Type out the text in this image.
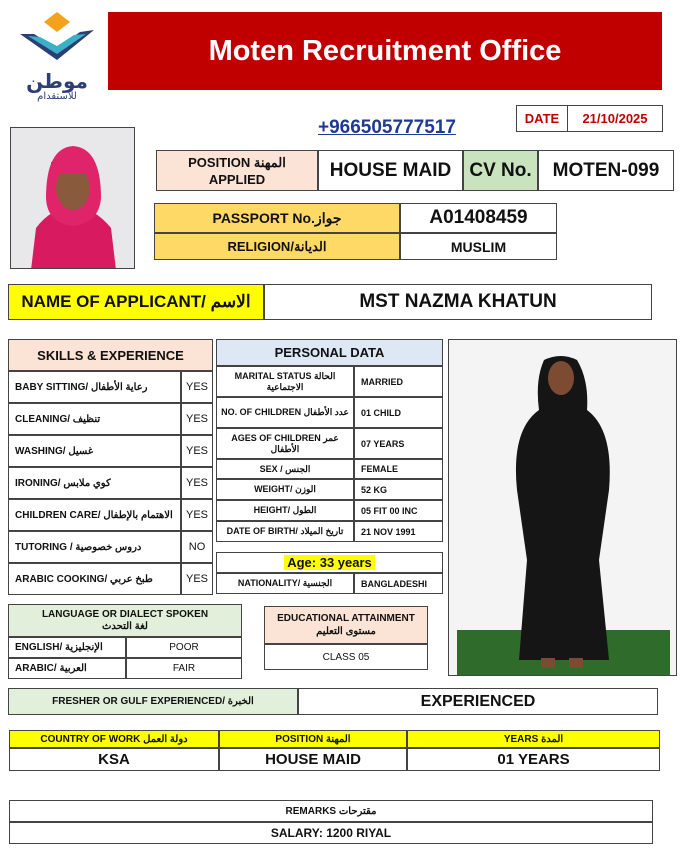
موطن
للاستقدام
Moten Recruitment Office
+966505777517	DATE	21/10/2025
POSITION المهنة APPLIED	HOUSE MAID CV No.	MOTEN-099
PASSPORT No.جواز	A01408459
RELIGION/الديانة	MUSLIM
NAME OF APPLICANT/ الاسم	MST NAZMA KHATUN
SKILLS & EXPERIENCE
BABY SITTING/ رعاية الأطفال	YES
CLEANING/ تنظيف	YES
WASHING/ غسيل	YES
IRONING/ كوي ملابس	YES
CHILDREN CARE/ الاهتمام بالإطفال	YES
TUTORING / دروس خصوصية	NO
ARABIC COOKING/ طبخ عربي	YES
PERSONAL DATA
MARITAL STATUS الحالة الاجتماعية	MARRIED
NO. OF CHILDREN عدد الأطفال	01 CHILD
AGES OF CHILDREN عمر الأطفال	07 YEARS
SEX / الجنس	FEMALE
WEIGHT/ الوزن	52 KG
HEIGHT/ الطول	05 FIT 00 INC
DATE OF BIRTH/ تاريخ الميلاد	21 NOV 1991
Age: 33 years
NATIONALITY/ الجنسية	BANGLADESHI
LANGUAGE OR DIALECT SPOKEN
لغة التحدث
ENGLISH/ الإنجليزية	POOR
ARABIC/ العربية	FAIR
EDUCATIONAL ATTAINMENT
مستوى التعليم
CLASS 05
FRESHER OR GULF EXPERIENCED/ الخبرة	EXPERIENCED
COUNTRY OF WORK دولة العمل	POSITION المهنة	YEARS المدة
KSA	HOUSE MAID	01 YEARS
REMARKS مقترحات
SALARY: 1200 RIYAL
